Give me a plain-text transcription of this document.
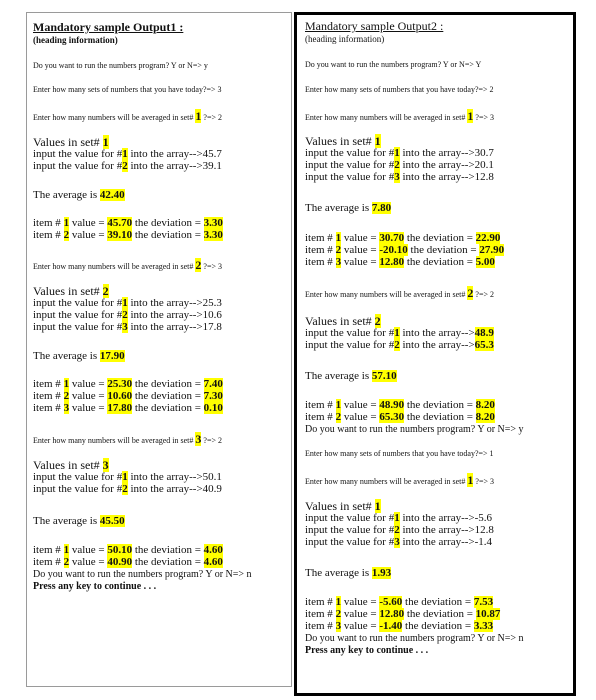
Mandatory sample Output1 :
(heading information)
Do you want to run the numbers program? Y or N=> y
Enter how many sets of numbers that you have today?=> 3
Enter how many numbers will be averaged in set# 1 ?=> 2
Values in set# 1
input the value for #1 into the array-->45.7
input the value for #2 into the array-->39.1
The average is 42.40
item # 1 value = 45.70 the deviation = 3.30
item # 2 value = 39.10 the deviation = 3.30
Enter how many numbers will be averaged in set# 2 ?=> 3
Values in set# 2
input the value for #1 into the array-->25.3
input the value for #2 into the array-->10.6
input the value for #3 into the array-->17.8
The average is 17.90
item # 1 value = 25.30 the deviation = 7.40
item # 2 value = 10.60 the deviation = 7.30
item # 3 value = 17.80 the deviation = 0.10
Enter how many numbers will be averaged in set# 3 ?=> 2
Values in set# 3
input the value for #1 into the array-->50.1
input the value for #2 into the array-->40.9
The average is 45.50
item # 1 value = 50.10 the deviation = 4.60
item # 2 value = 40.90 the deviation = 4.60
Do you want to run the numbers program? Y or N=> n
Press any key to continue . . .
Mandatory sample Output2 :
(heading information)
Do you want to run the numbers program? Y or N=> Y
Enter how many sets of numbers that you have today?=> 2
Enter how many numbers will be averaged in set# 1 ?=> 3
Values in set# 1
input the value for #1 into the array-->30.7
input the value for #2 into the array-->20.1
input the value for #3 into the array-->12.8
The average is 7.80
item # 1 value = 30.70 the deviation = 22.90
item # 2 value = -20.10 the deviation = 27.90
item # 3 value = 12.80 the deviation = 5.00
Enter how many numbers will be averaged in set# 2 ?=> 2
Values in set# 2
input the value for #1 into the array-->48.9
input the value for #2 into the array-->65.3
The average is 57.10
item # 1 value = 48.90 the deviation = 8.20
item # 2 value = 65.30 the deviation = 8.20
Do you want to run the numbers program? Y or N=> y
Enter how many sets of numbers that you have today?=> 1
Enter how many numbers will be averaged in set# 1 ?=> 3
Values in set# 1
input the value for #1 into the array-->-5.6
input the value for #2 into the array-->12.8
input the value for #3 into the array-->-1.4
The average is 1.93
item # 1 value = -5.60 the deviation = 7.53
item # 2 value = 12.80 the deviation = 10.87
item # 3 value = -1.40 the deviation = 3.33
Do you want to run the numbers program? Y or N=> n
Press any key to continue . . .
